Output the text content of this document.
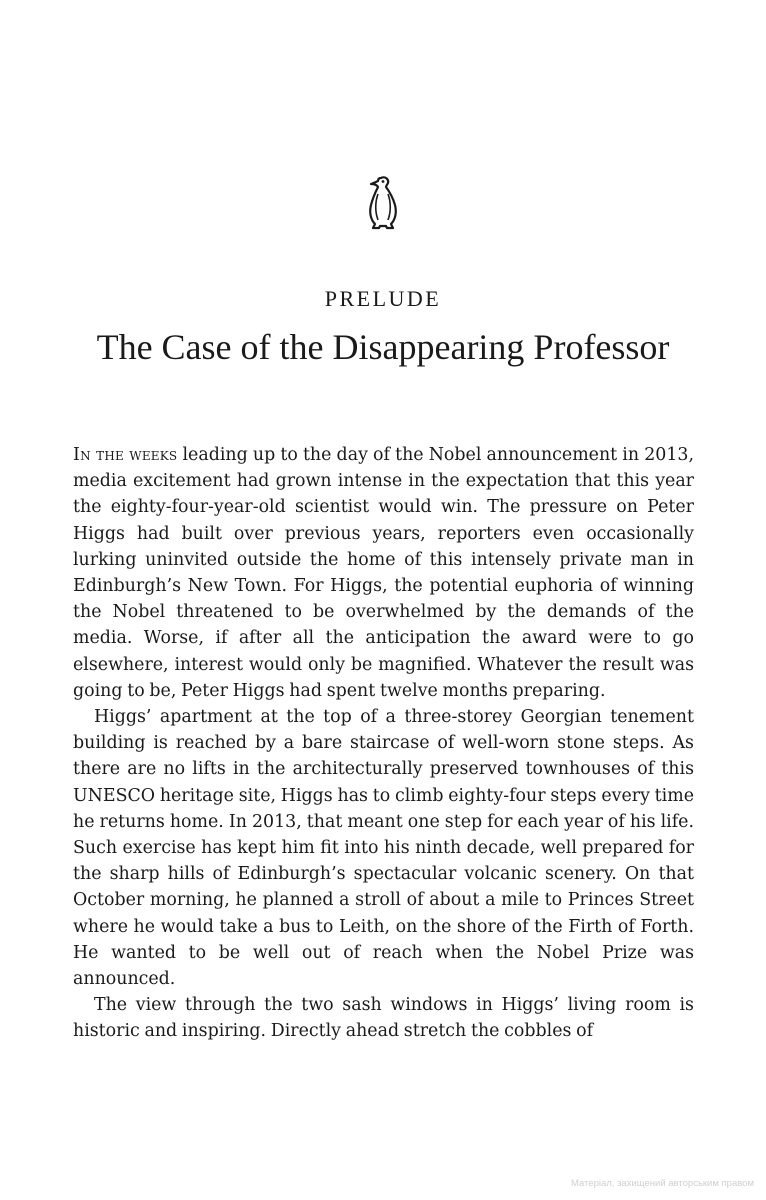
PRELUDE
The Case of the Disappearing Professor

In the weeks leading up to the day of the Nobel announcement in 2013, media excitement had grown intense in the expectation that this year the eighty-four-year-old scientist would win. The pressure on Peter Higgs had built over previous years, reporters even occasionally lurking uninvited outside the home of this intensely private man in Edinburgh’s New Town. For Higgs, the potential euphoria of winning the Nobel threatened to be overwhelmed by the demands of the media. Worse, if after all the anticipation the award were to go elsewhere, interest would only be magnified. Whatever the result was going to be, Peter Higgs had spent twelve months preparing.

Higgs’ apartment at the top of a three-storey Georgian tenement building is reached by a bare staircase of well-worn stone steps. As there are no lifts in the architecturally preserved townhouses of this UNESCO heritage site, Higgs has to climb eighty-four steps every time he returns home. In 2013, that meant one step for each year of his life. Such exercise has kept him fit into his ninth decade, well prepared for the sharp hills of Edinburgh’s spectacular volcanic scenery. On that October morning, he planned a stroll of about a mile to Princes Street where he would take a bus to Leith, on the shore of the Firth of Forth. He wanted to be well out of reach when the Nobel Prize was announced.

The view through the two sash windows in Higgs’ living room is historic and inspiring. Directly ahead stretch the cobbles of

Матеріал, захищений авторським правом
